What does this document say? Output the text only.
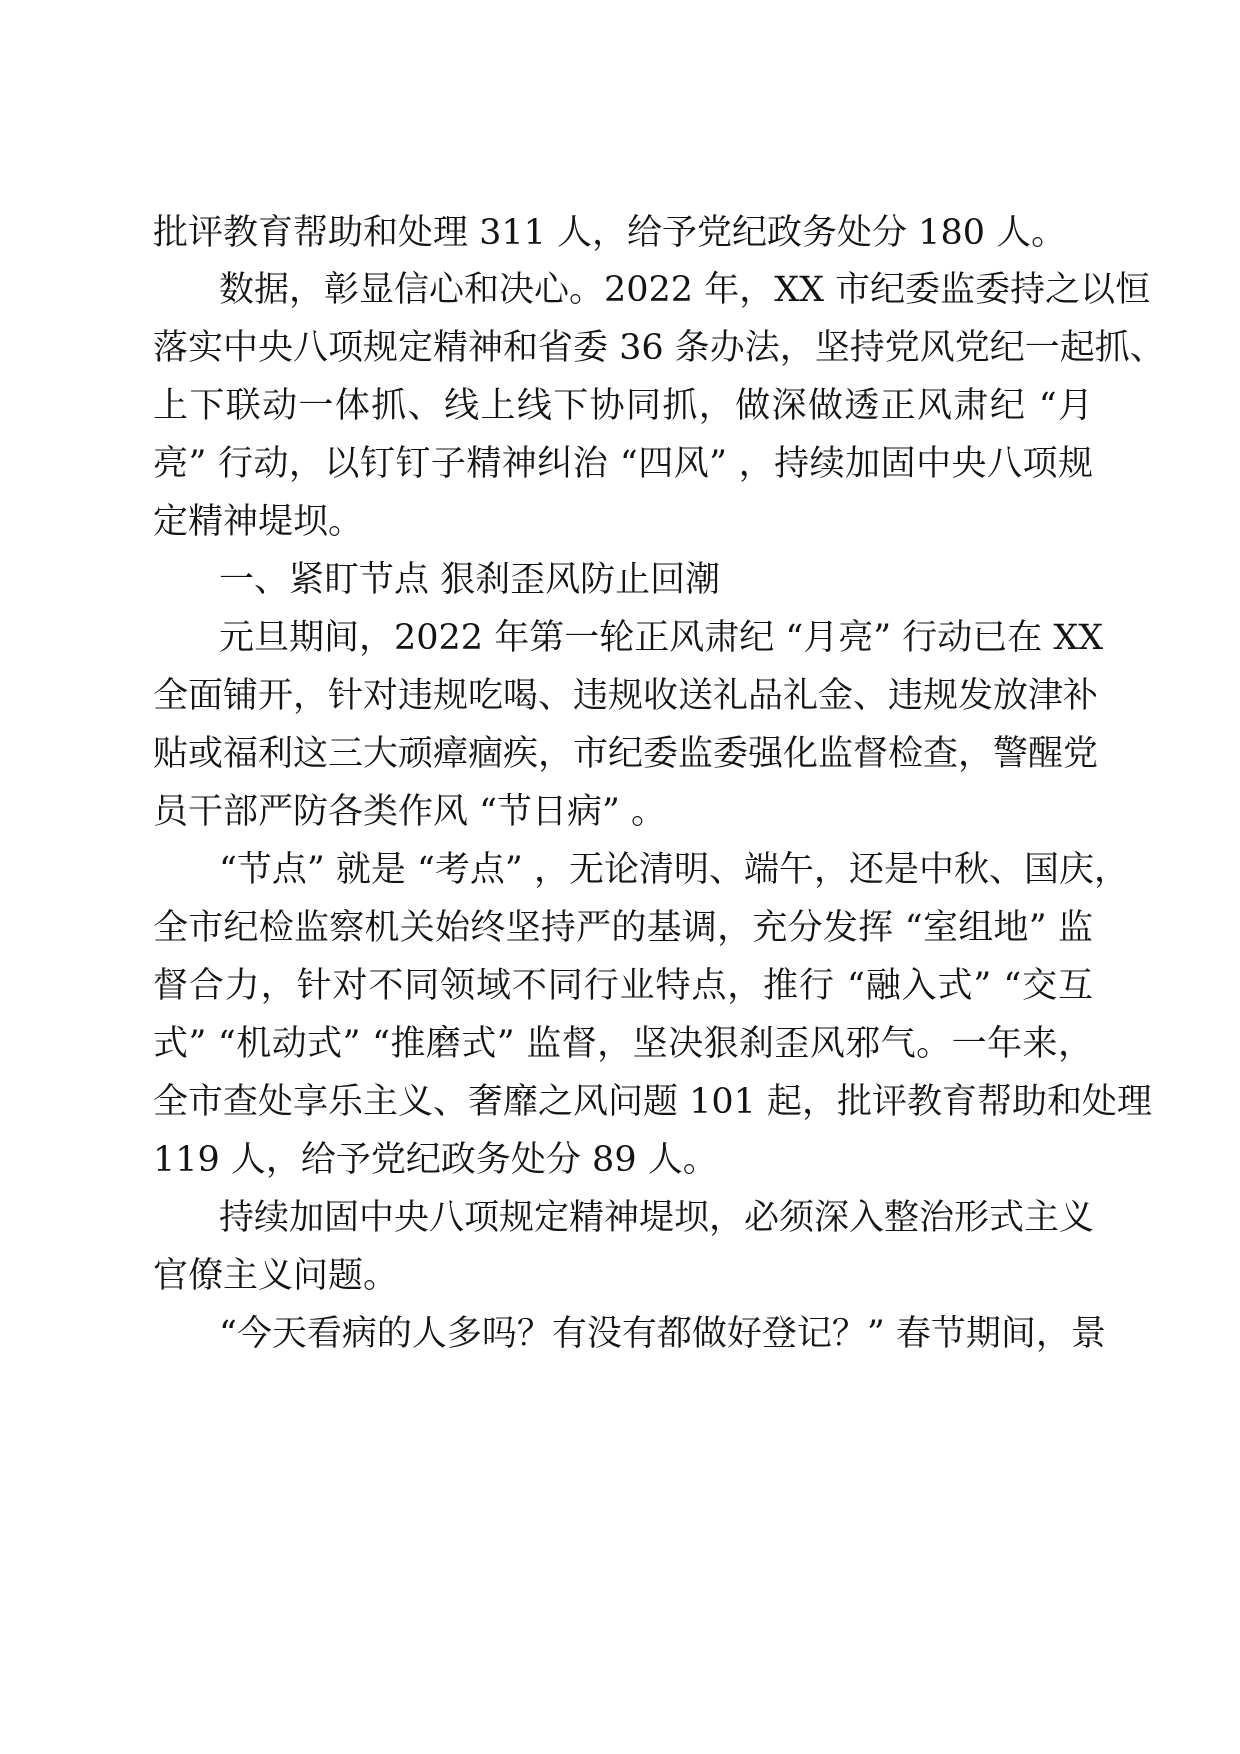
批评教育帮助和处理 311 人，给予党纪政务处分 180 人。
数据，彰显信心和决心。2022 年，XX 市纪委监委持之以恒
落实中央八项规定精神和省委 36 条办法，坚持党风党纪一起抓、
上下联动一体抓、线上线下协同抓，做深做透正风肃纪 “月
亮” 行动，以钉钉子精神纠治 “四风” ，持续加固中央八项规
定精神堤坝。
一、紧盯节点 狠刹歪风防止回潮
元旦期间，2022 年第一轮正风肃纪 “月亮” 行动已在 XX
全面铺开，针对违规吃喝、违规收送礼品礼金、违规发放津补
贴或福利这三大顽瘴痼疾，市纪委监委强化监督检查，警醒党
员干部严防各类作风 “节日病” 。
“节点” 就是 “考点” ，无论清明、端午，还是中秋、国庆，
全市纪检监察机关始终坚持严的基调，充分发挥 “室组地” 监
督合力，针对不同领域不同行业特点，推行 “融入式” “交互
式” “机动式” “推磨式” 监督，坚决狠刹歪风邪气。一年来，
全市查处享乐主义、奢靡之风问题 101 起，批评教育帮助和处理
119 人，给予党纪政务处分 89 人。
持续加固中央八项规定精神堤坝，必须深入整治形式主义
官僚主义问题。
“今天看病的人多吗？有没有都做好登记？” 春节期间，景
